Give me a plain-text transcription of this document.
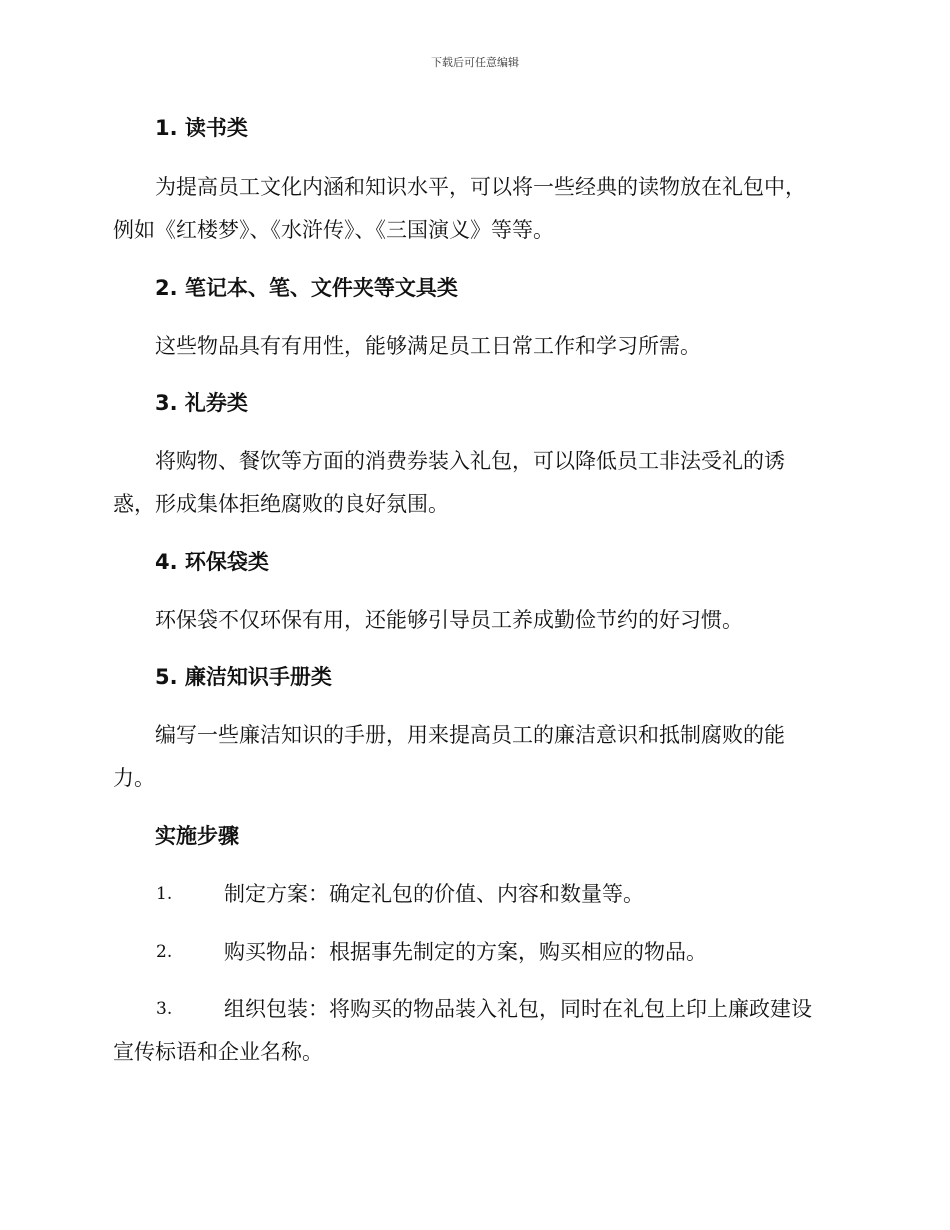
下载后可任意编辑
1. 读书类
为提高员工文化内涵和知识水平，可以将一些经典的读物放在礼包中，
例如《红楼梦》、《水浒传》、《三国演义》等等。
2. 笔记本、笔、文件夹等文具类
这些物品具有有用性，能够满足员工日常工作和学习所需。
3. 礼券类
将购物、餐饮等方面的消费券装入礼包，可以降低员工非法受礼的诱
惑，形成集体拒绝腐败的良好氛围。
4. 环保袋类
环保袋不仅环保有用，还能够引导员工养成勤俭节约的好习惯。
5. 廉洁知识手册类
编写一些廉洁知识的手册，用来提高员工的廉洁意识和抵制腐败的能
力。
实施步骤
1.	制定方案：确定礼包的价值、内容和数量等。
2.	购买物品：根据事先制定的方案，购买相应的物品。
3.	组织包装：将购买的物品装入礼包，同时在礼包上印上廉政建设
宣传标语和企业名称。
